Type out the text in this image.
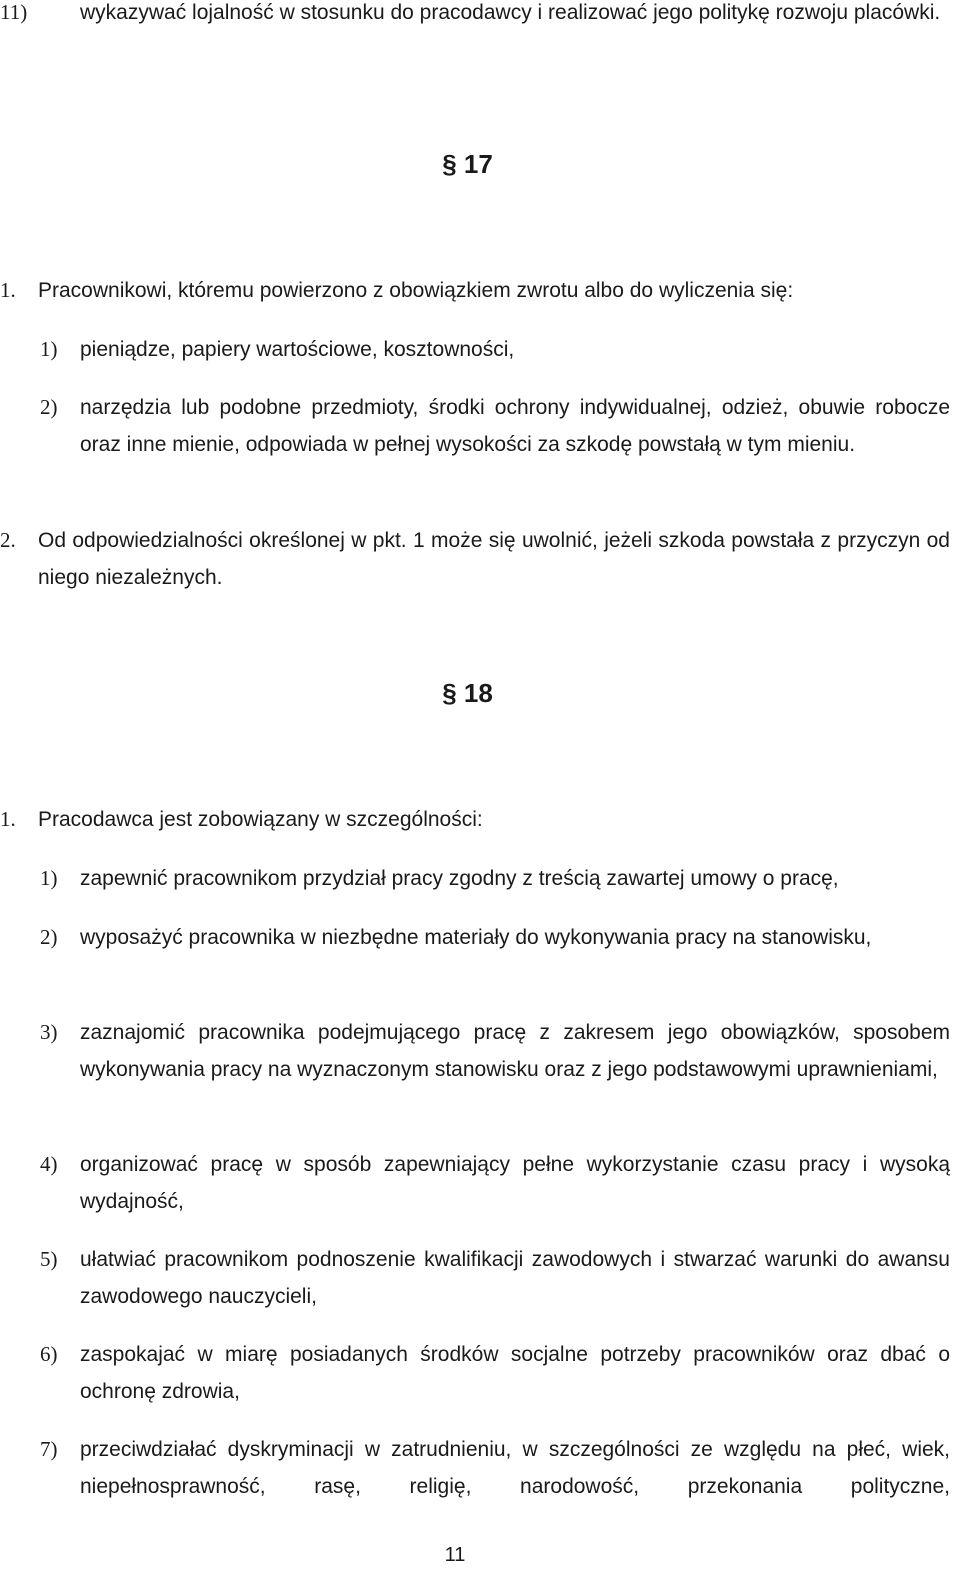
11)	wykazywać lojalność w stosunku do pracodawcy i realizować jego politykę rozwoju placówki.
§ 17
1. Pracownikowi, któremu powierzono z obowiązkiem zwrotu albo do wyliczenia się:
1) pieniądze, papiery wartościowe, kosztowności,
2) narzędzia lub podobne przedmioty, środki ochrony indywidualnej, odzież, obuwie robocze oraz inne mienie, odpowiada w pełnej wysokości za szkodę powstałą w tym mieniu.
2. Od odpowiedzialności określonej w pkt. 1 może się uwolnić, jeżeli szkoda powstała z przyczyn od niego niezależnych.
§ 18
1. Pracodawca jest zobowiązany w szczególności:
1) zapewnić pracownikom przydział pracy zgodny z treścią zawartej umowy o pracę,
2) wyposażyć pracownika w niezbędne materiały do wykonywania pracy na stanowisku,
3) zaznajomić pracownika podejmującego pracę z zakresem jego obowiązków, sposobem wykonywania pracy na wyznaczonym stanowisku oraz z jego podstawowymi uprawnieniami,
4) organizować pracę w sposób zapewniający pełne wykorzystanie czasu pracy i wysoką wydajność,
5) ułatwiać pracownikom podnoszenie kwalifikacji zawodowych i stwarzać warunki do awansu zawodowego nauczycieli,
6) zaspokajać w miarę posiadanych środków socjalne potrzeby pracowników oraz dbać o ochronę zdrowia,
7) przeciwdziałać dyskryminacji w zatrudnieniu, w szczególności ze względu na płeć, wiek, niepełnosprawność, rasę, religię, narodowość, przekonania polityczne,
11
